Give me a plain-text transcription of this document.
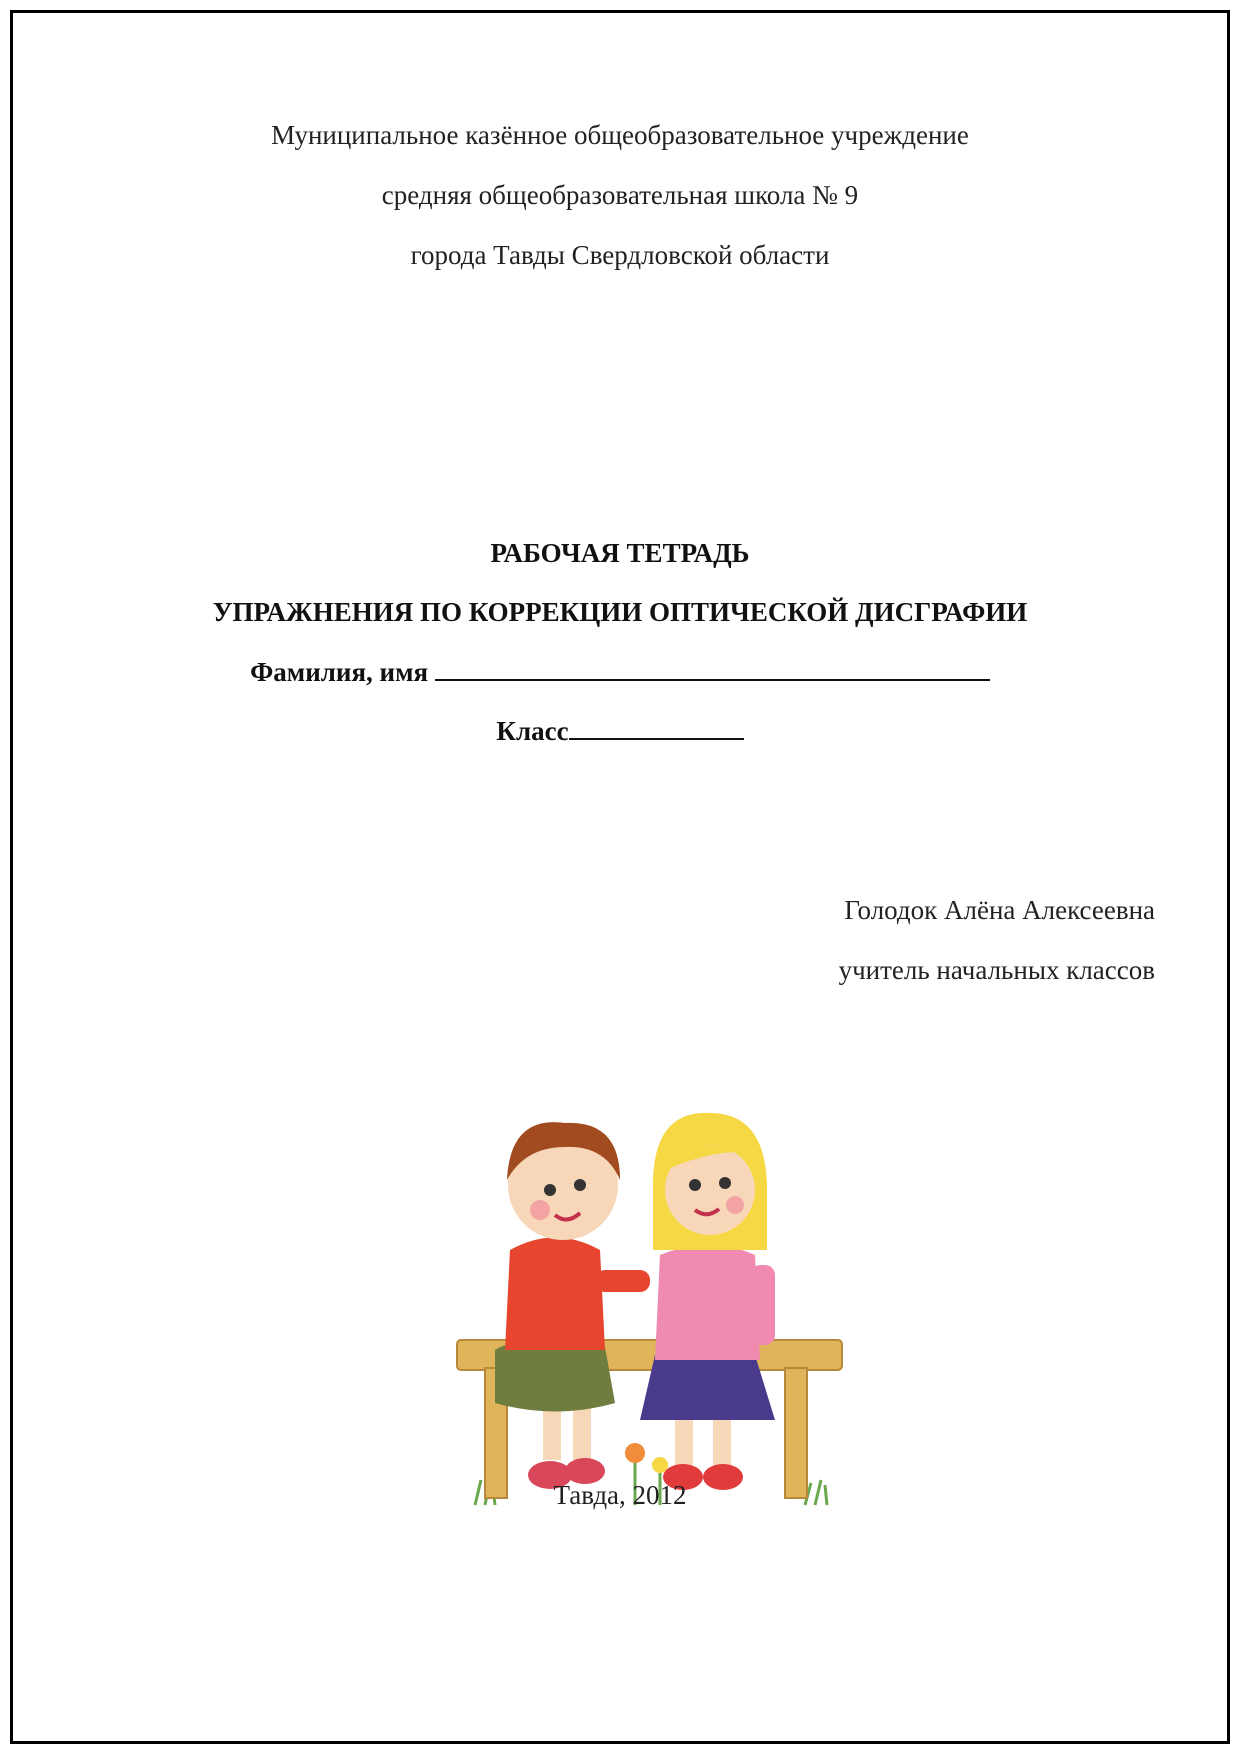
Муниципальное казённое общеобразовательное учреждение
средняя общеобразовательная школа № 9
города Тавды Свердловской области
РАБОЧАЯ ТЕТРАДЬ
УПРАЖНЕНИЯ ПО КОРРЕКЦИИ ОПТИЧЕСКОЙ ДИСГРАФИИ
Фамилия, имя
Класс
Голодок Алёна Алексеевна
учитель начальных классов
Тавда, 2012
